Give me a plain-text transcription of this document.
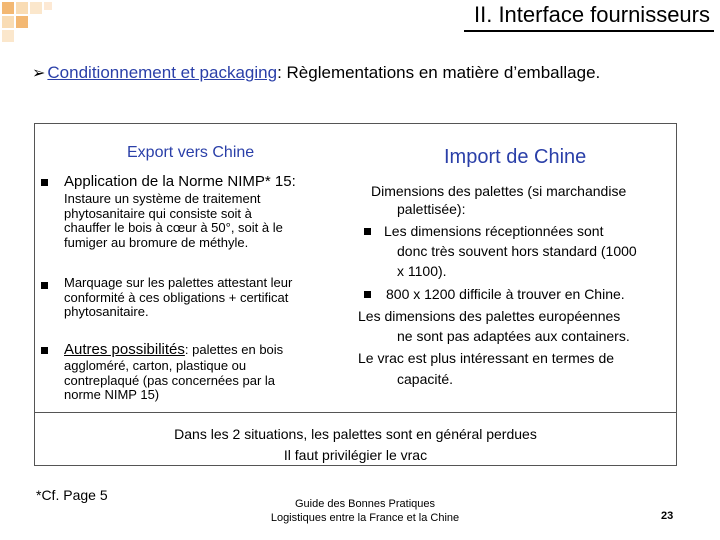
II. Interface fournisseurs
➢ Conditionnement et packaging: Règlementations en matière d’emballage.
Export vers Chine
Application de la Norme NIMP* 15:
Instaure un système de traitement
phytosanitaire qui consiste soit à
chauffer le bois à cœur à 50°, soit à le
fumiger au bromure de méthyle.
Marquage sur les palettes attestant leur
conformité à ces obligations + certificat
phytosanitaire.
Autres possibilités: palettes en bois
aggloméré, carton, plastique ou
contreplaqué (pas concernées par la
norme NIMP 15)
Import de Chine
Dimensions des palettes (si marchandise
palettisée):
Les dimensions réceptionnées sont
donc très souvent hors standard (1000
x 1100).
800 x 1200 difficile à trouver en Chine.
Les dimensions des palettes européennes
ne sont pas adaptées aux containers.
Le vrac est plus intéressant en termes de
capacité.
Dans les 2 situations, les palettes sont en général perdues
Il faut privilégier le vrac
*Cf. Page 5
Guide des Bonnes Pratiques
Logistiques entre la France et la Chine	23
